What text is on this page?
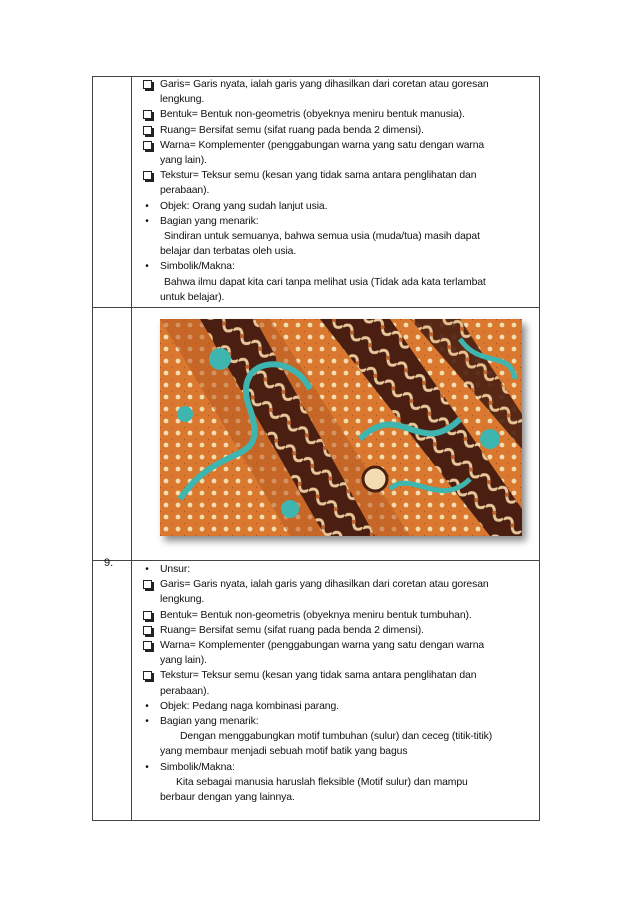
9.
Garis= Garis nyata, ialah garis yang dihasilkan dari coretan atau goresan
lengkung.
Bentuk= Bentuk non-geometris (obyeknya meniru bentuk manusia).
Ruang= Bersifat semu (sifat ruang pada benda 2 dimensi).
Warna= Komplementer (penggabungan warna yang satu dengan warna
yang lain).
Tekstur= Teksur semu (kesan yang tidak sama antara penglihatan dan
perabaan).
•	Objek: Orang yang sudah lanjut usia.
•	Bagian yang menarik:
Sindiran untuk semuanya, bahwa semua usia (muda/tua) masih dapat
belajar dan terbatas oleh usia.
•	Simbolik/Makna:
Bahwa ilmu dapat kita cari tanpa melihat usia (Tidak ada kata terlambat
untuk belajar).
•	Unsur:
Garis= Garis nyata, ialah garis yang dihasilkan dari coretan atau goresan
lengkung.
Bentuk= Bentuk non-geometris (obyeknya meniru bentuk tumbuhan).
Ruang= Bersifat semu (sifat ruang pada benda 2 dimensi).
Warna= Komplementer (penggabungan warna yang satu dengan warna
yang lain).
Tekstur= Teksur semu (kesan yang tidak sama antara penglihatan dan
perabaan).
•	Objek: Pedang naga kombinasi parang.
•	Bagian yang menarik:
Dengan menggabungkan motif tumbuhan (sulur) dan ceceg (titik-titik)
yang membaur menjadi sebuah motif batik yang bagus
•	Simbolik/Makna:
Kita sebagai manusia haruslah fleksible (Motif sulur) dan mampu
berbaur dengan yang lainnya.
